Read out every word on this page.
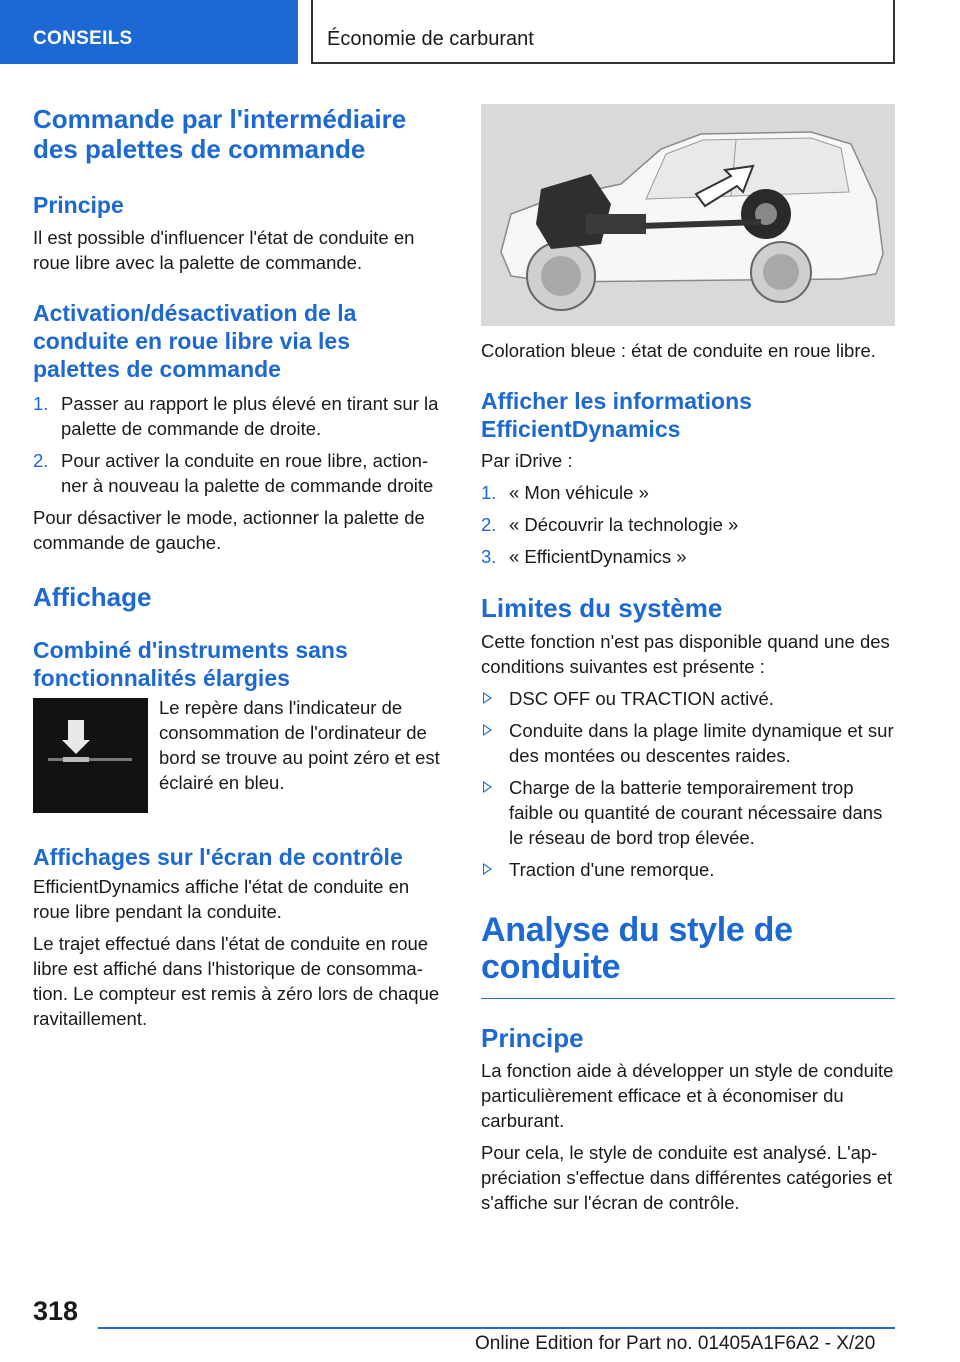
CONSEILS	Économie de carburant
Commande par l'intermédiaire des palettes de commande
Principe

Il est possible d'influencer l'état de conduite en roue libre avec la palette de commande.

Activation/désactivation de la conduite en roue libre via les palettes de commande
1. Passer au rapport le plus élevé en tirant sur la palette de commande de droite.
2. Pour activer la conduite en roue libre, actionner à nouveau la palette de commande droite

Pour désactiver le mode, actionner la palette de commande de gauche.

Affichage
Combiné d'instruments sans fonctionnalités élargies

Le repère dans l'indicateur de consommation de l'ordinateur de bord se trouve au point zéro et est éclairé en bleu.

Affichages sur l'écran de contrôle

EfficientDynamics affiche l'état de conduite en roue libre pendant la conduite.

Le trajet effectué dans l'état de conduite en roue libre est affiché dans l'historique de consommation. Le compteur est remis à zéro lors de chaque ravitaillement.

Coloration bleue : état de conduite en roue libre.

Afficher les informations EfficientDynamics

Par iDrive :

1. « Mon véhicule »
2. « Découvrir la technologie »
3. « EfficientDynamics »
Limites du système

Cette fonction n'est pas disponible quand une des conditions suivantes est présente :

DSC OFF ou TRACTION activé.
Conduite dans la plage limite dynamique et sur des montées ou descentes raides.
Charge de la batterie temporairement trop faible ou quantité de courant nécessaire dans le réseau de bord trop élevée.
Traction d'une remorque.
Analyse du style de conduite
Principe

La fonction aide à développer un style de conduite particulièrement efficace et à économiser du carburant.

Pour cela, le style de conduite est analysé. L'appréciation s'effectue dans différentes catégories et s'affiche sur l'écran de contrôle.

318
Online Edition for Part no. 01405A1F6A2 - X/20
